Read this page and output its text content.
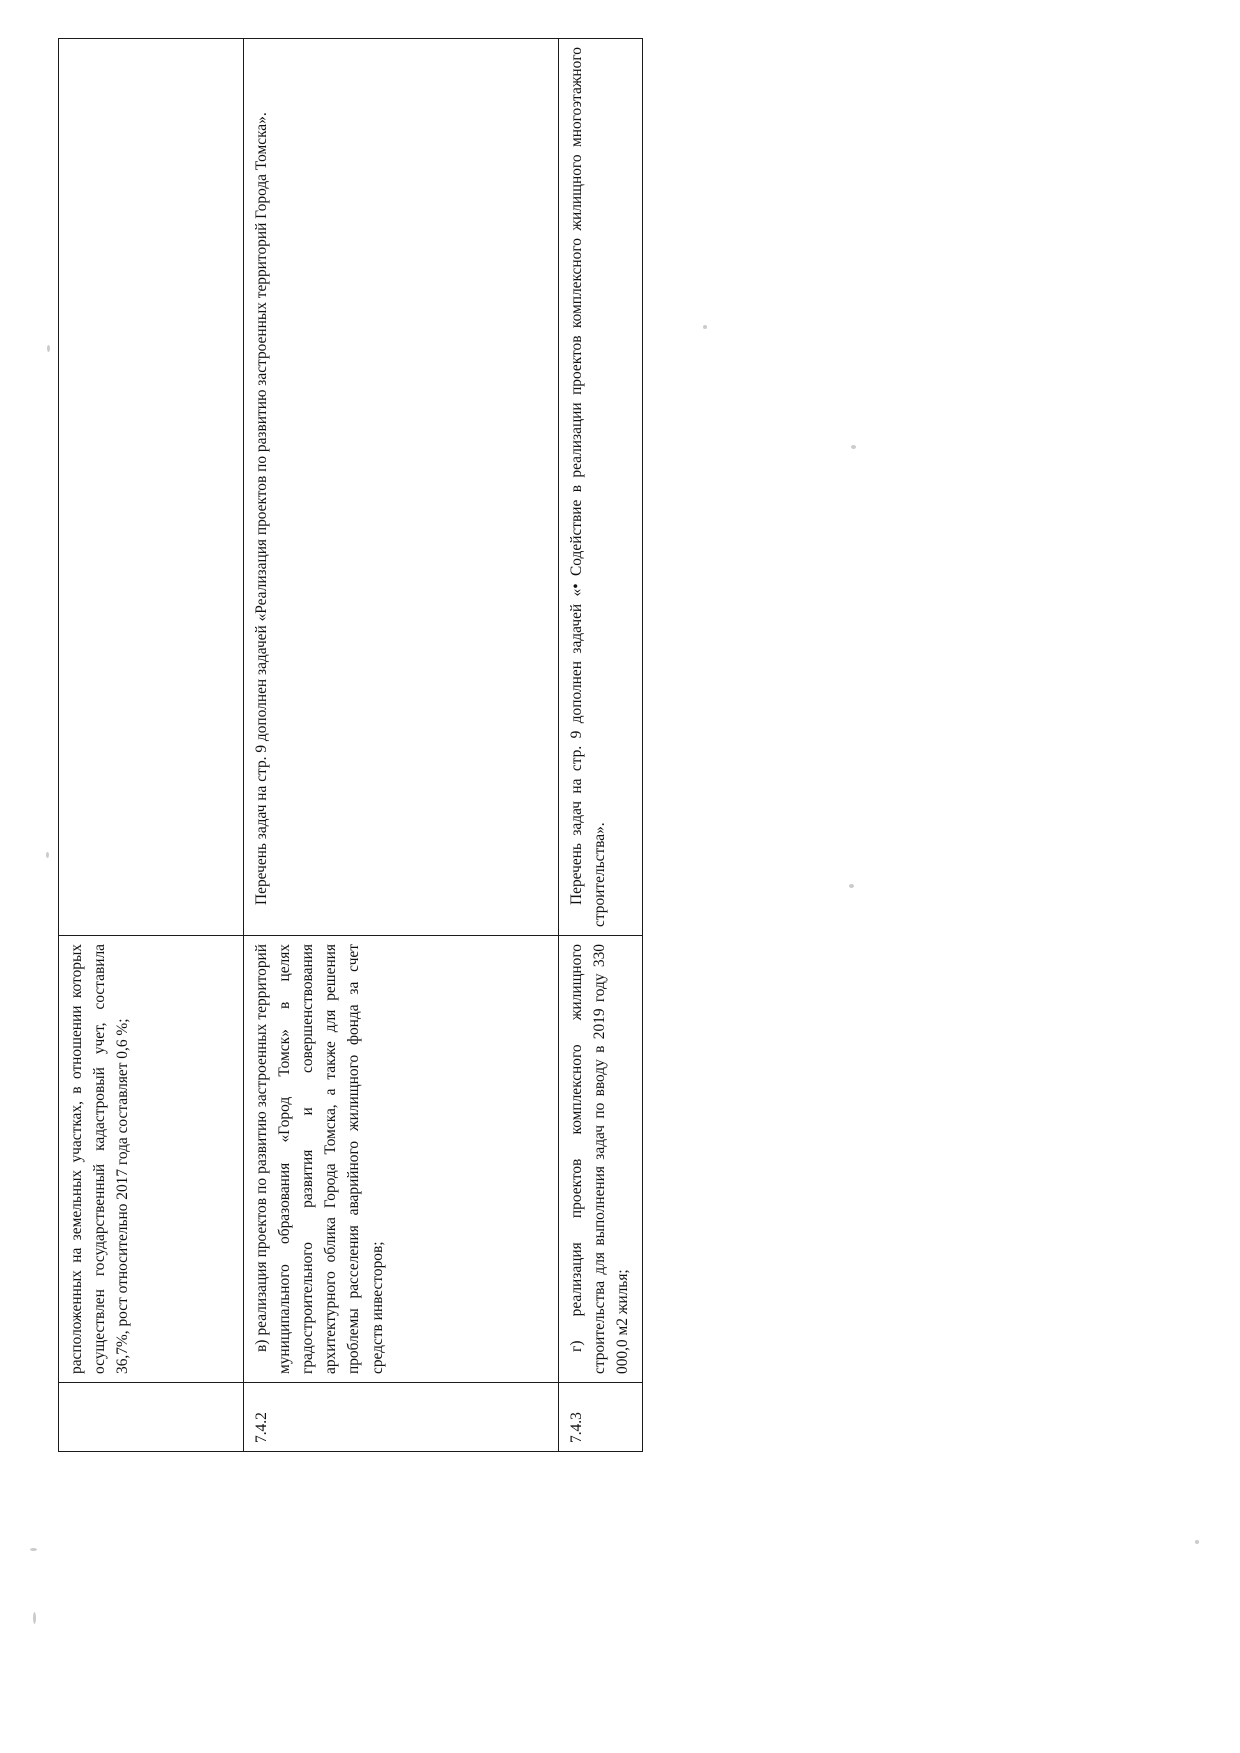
	расположенных на земельных участках, в отношении которых осуществлен государственный кадастровый учет, составила 36,7%, рост относительно 2017 года составляет 0,6 %;	
7.4.2	в) реализация проектов по развитию застроенных территорий муниципального образования «Город Томск» в целях градостроительного развития и совершенствования архитектурного облика Города Томска, а также для решения проблемы расселения аварийного жилищного фонда за счет средств инвесторов;	Перечень задач на стр. 9 дополнен задачей «Реализация проектов по развитию застроенных территорий Города Томска».
7.4.3	г) реализация проектов комплексного жилищного строительства для выполнения задач по вводу в 2019 году 330 000,0 м2 жилья;	Перечень задач на стр. 9 дополнен задачей «• Содействие в реализации проектов комплексного жилищного многоэтажного строительства».
